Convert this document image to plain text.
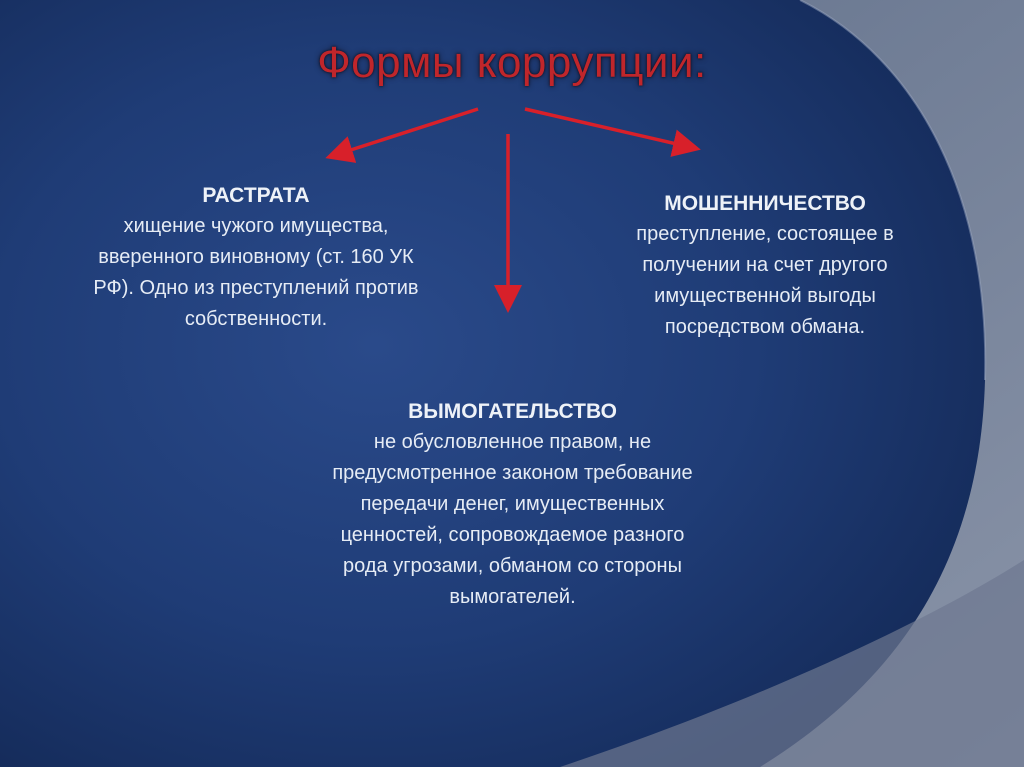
Формы коррупции:
РАСТРАТА
хищение чужого имущества,
вверенного виновному (ст. 160 УК
РФ). Одно из преступлений против
собственности.
МОШЕННИЧЕСТВО
преступление, состоящее в
получении на счет другого
имущественной выгоды
посредством обмана.
ВЫМОГАТЕЛЬСТВО
не обусловленное правом, не
предусмотренное законом требование
передачи денег, имущественных
ценностей, сопровождаемое разного
рода угрозами, обманом со стороны
вымогателей.
